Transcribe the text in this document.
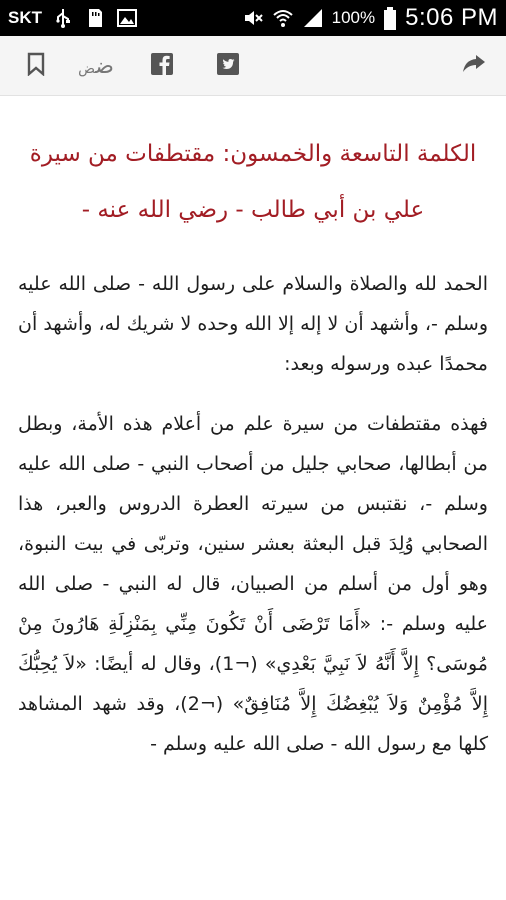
SKT	100% 5:06 PM
ضض
الكلمة التاسعة والخمسون: مقتطفات من سيرة علي بن أبي طالب - رضي الله عنه -

الحمد لله والصلاة والسلام على رسول الله - صلى الله عليه وسلم -، وأشهد أن لا إله إلا الله وحده لا شريك له، وأشهد أن محمدًا عبده ورسوله وبعد:

فهذه مقتطفات من سيرة علم من أعلام هذه الأمة، وبطل من أبطالها، صحابي جليل من أصحاب النبي - صلى الله عليه وسلم -، نقتبس من سيرته العطرة الدروس والعبر، هذا الصحابي وُلِدَ قبل البعثة بعشر سنين، وتربّى في بيت النبوة، وهو أول من أسلم من الصبيان، قال له النبي - صلى الله عليه وسلم -: «أَمَا تَرْضَى أَنْ تَكُونَ مِنِّي بِمَنْزِلَةِ هَارُونَ مِنْ مُوسَى؟ إِلاَّ أَنَّهُ لاَ نَبِيَّ بَعْدِي» (¬1)، وقال له أيضًا: «لاَ يُحِبُّكَ إِلاَّ مُؤْمِنٌ وَلاَ يُبْغِضُكَ إِلاَّ مُنَافِقٌ» (¬2)، وقد شهد المشاهد كلها مع رسول الله - صلى الله عليه وسلم -
